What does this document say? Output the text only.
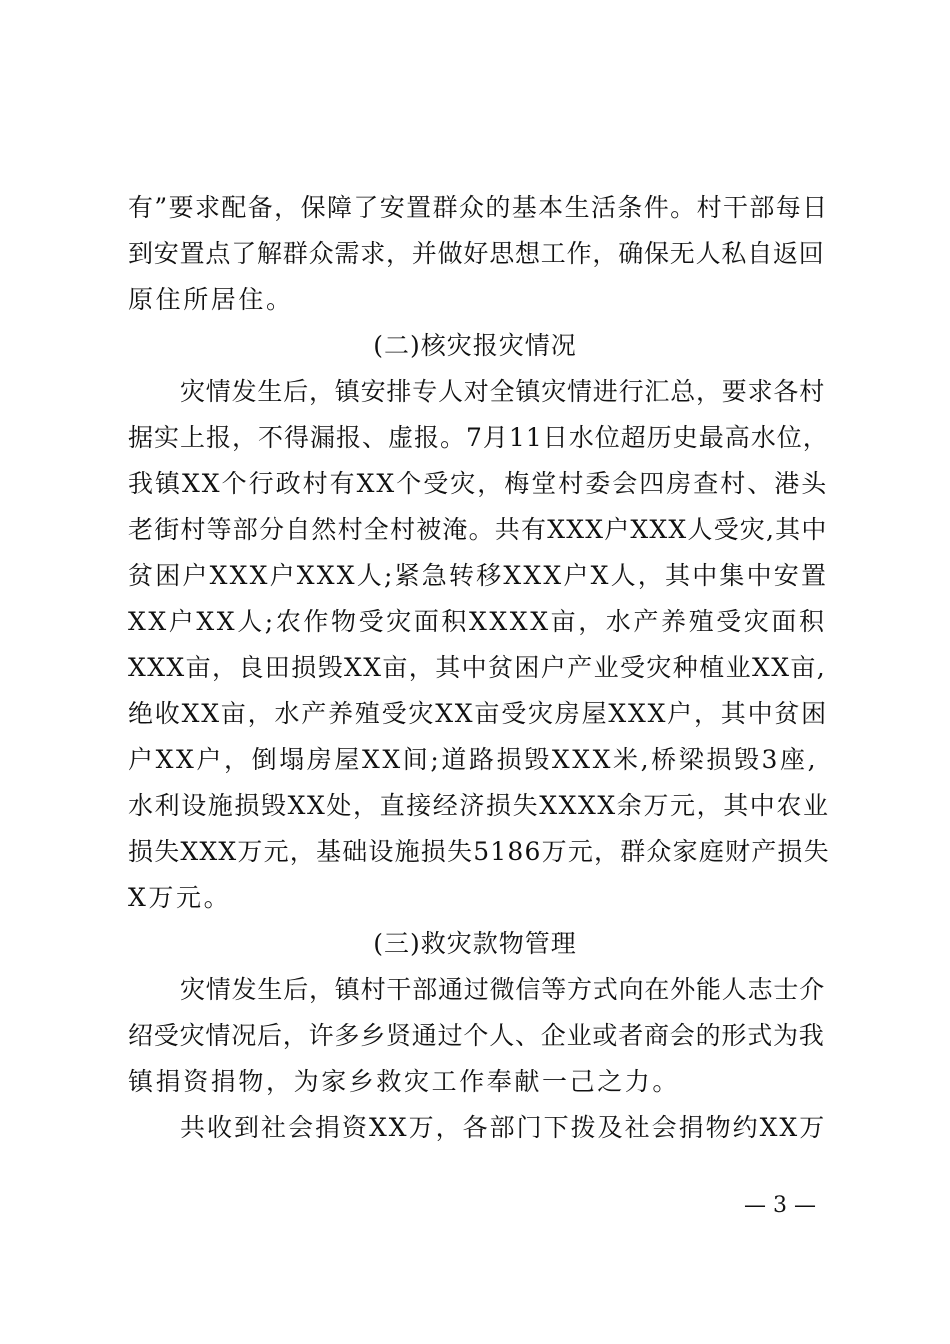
有”要求配备，保障了安置群众的基本生活条件。村干部每日
到安置点了解群众需求，并做好思想工作，确保无人私自返回
原住所居住。
(二)核灾报灾情况
灾情发生后，镇安排专人对全镇灾情进行汇总，要求各村
据实上报，不得漏报、虚报。7月11日水位超历史最高水位，
我镇XX个行政村有XX个受灾，梅堂村委会四房查村、港头
老街村等部分自然村全村被淹。共有XXX户XXX人受灾,其中
贫困户XXX户XXX人;紧急转移XXX户X人，其中集中安置
XX户XX人;农作物受灾面积XXXX亩，水产养殖受灾面积
XXX亩，良田损毁XX亩，其中贫困户产业受灾种植业XX亩,
绝收XX亩，水产养殖受灾XX亩受灾房屋XXX户，其中贫困
户XX户，倒塌房屋XX间;道路损毁XXX米,桥梁损毁3座,
水利设施损毁XX处，直接经济损失XXXX余万元，其中农业
损失XXX万元，基础设施损失5186万元，群众家庭财产损失
X万元。
(三)救灾款物管理
灾情发生后，镇村干部通过微信等方式向在外能人志士介
绍受灾情况后，许多乡贤通过个人、企业或者商会的形式为我
镇捐资捐物，为家乡救灾工作奉献一己之力。
共收到社会捐资XX万，各部门下拨及社会捐物约XX万
— 3 —
